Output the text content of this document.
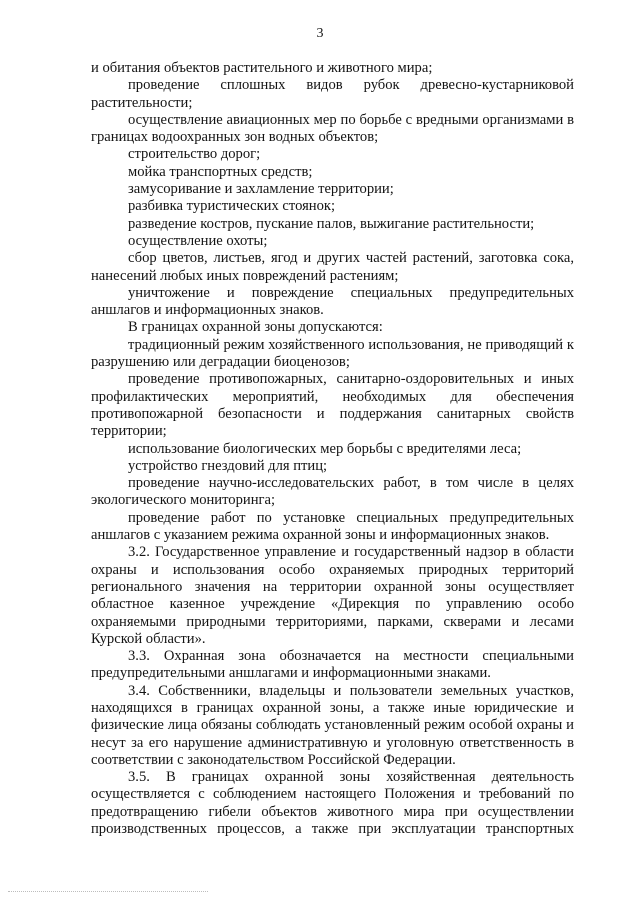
3

и обитания объектов растительного и животного мира;

проведение сплошных видов рубок древесно-кустарниковой растительности;

осуществление авиационных мер по борьбе с вредными организмами в границах водоохранных зон водных объектов;

строительство дорог;

мойка транспортных средств;

замусоривание и захламление территории;

разбивка туристических стоянок;

разведение костров, пускание палов, выжигание растительности;

осуществление охоты;

сбор цветов, листьев, ягод и других частей растений, заготовка сока, нанесений любых иных повреждений растениям;

уничтожение и повреждение специальных предупредительных аншлагов и информационных знаков.

В границах охранной зоны допускаются:

традиционный режим хозяйственного использования, не приводящий к разрушению или деградации биоценозов;

проведение противопожарных, санитарно-оздоровительных и иных профилактических мероприятий, необходимых для обеспечения противопожарной безопасности и поддержания санитарных свойств территории;

использование биологических мер борьбы с вредителями леса;

устройство гнездовий для птиц;

проведение научно-исследовательских работ, в том числе в целях экологического мониторинга;

проведение работ по установке специальных предупредительных аншлагов с указанием режима охранной зоны и информационных знаков.

3.2. Государственное управление и государственный надзор в области охраны и использования особо охраняемых природных территорий регионального значения на территории охранной зоны осуществляет областное казенное учреждение «Дирекция по управлению особо охраняемыми природными территориями, парками, скверами и лесами Курской области».

3.3. Охранная зона обозначается на местности специальными предупредительными аншлагами и информационными знаками.

3.4. Собственники, владельцы и пользователи земельных участков, находящихся в границах охранной зоны, а также иные юридические и физические лица обязаны соблюдать установленный режим особой охраны и несут за его нарушение административную и уголовную ответственность в соответствии с законодательством Российской Федерации.

3.5. В границах охранной зоны хозяйственная деятельность осуществляется с соблюдением настоящего Положения и требований по предотвращению гибели объектов животного мира при осуществлении производственных процессов, а также при эксплуатации транспортных
